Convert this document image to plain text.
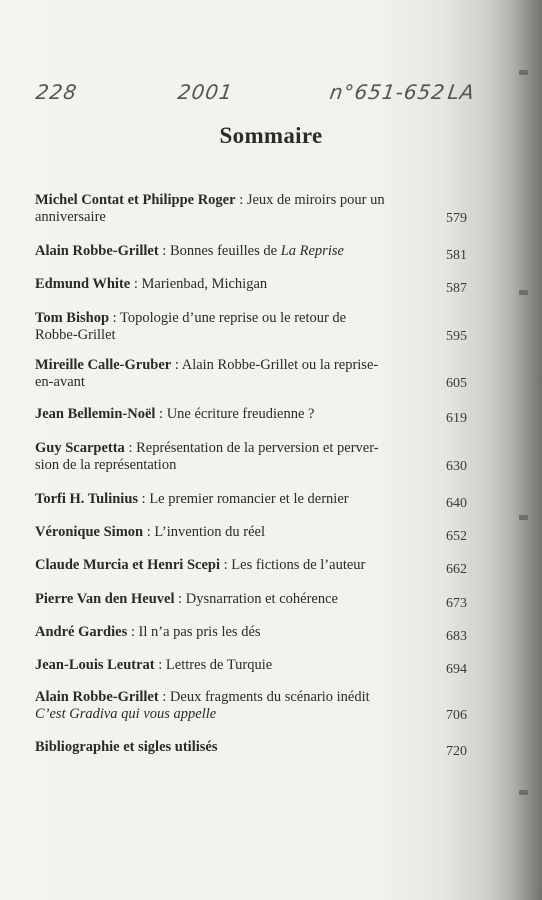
228	2001	n°651-652 LA
Sommaire
Michel Contat et Philippe Roger : Jeux de miroirs pour un
anniversaire	579
Alain Robbe-Grillet : Bonnes feuilles de La Reprise	581
Edmund White : Marienbad, Michigan	587
Tom Bishop : Topologie d’une reprise ou le retour de
Robbe-Grillet	595
Mireille Calle-Gruber : Alain Robbe-Grillet ou la reprise-
en-avant	605
Jean Bellemin-Noël : Une écriture freudienne ?	619
Guy Scarpetta : Représentation de la perversion et perver-
sion de la représentation	630
Torfi H. Tulinius : Le premier romancier et le dernier	640
Véronique Simon : L’invention du réel	652
Claude Murcia et Henri Scepi : Les fictions de l’auteur	662
Pierre Van den Heuvel : Dysnarration et cohérence	673
André Gardies : Il n’a pas pris les dés	683
Jean-Louis Leutrat : Lettres de Turquie	694
Alain Robbe-Grillet : Deux fragments du scénario inédit
C’est Gradiva qui vous appelle	706
Bibliographie et sigles utilisés	720
